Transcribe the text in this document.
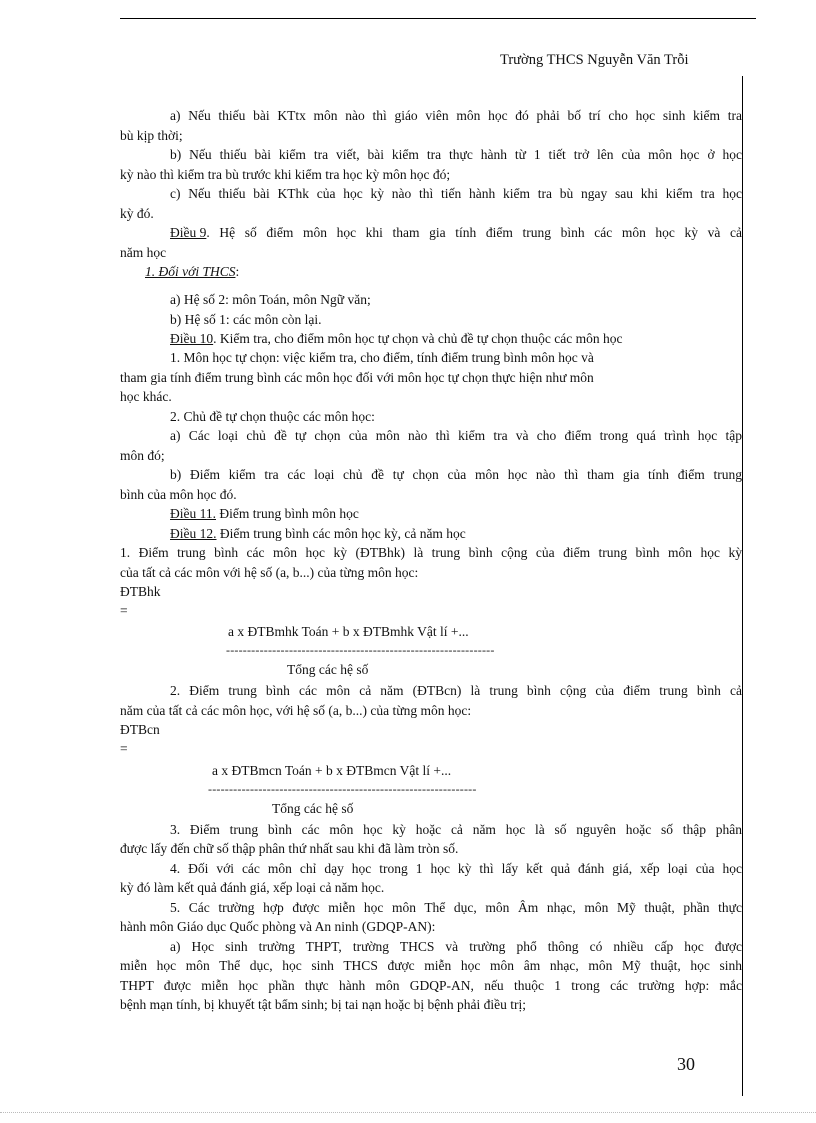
Trường THCS Nguyễn Văn Trỗi
a) Nếu thiếu bài KTtx môn nào thì giáo viên môn học đó phải bố trí cho học sinh kiểm tra
bù kịp thời;
b) Nếu thiếu bài kiểm tra viết, bài kiểm tra thực hành từ 1 tiết trở lên của môn học ở học
kỳ nào thì kiểm tra bù trước khi kiểm tra học kỳ môn học đó;
c) Nếu thiếu bài KThk của học kỳ nào thì tiến hành kiểm tra bù ngay sau khi kiểm tra học
kỳ đó.
Điều 9 . Hệ số điểm môn học khi tham gia tính điểm trung bình các môn học kỳ và cả
năm học
1. Đối với THCS:
a) Hệ số 2: môn Toán, môn Ngữ văn;
b) Hệ số 1: các môn còn lại.
Điều 10. Kiểm tra, cho điểm môn học tự chọn và chủ đề tự chọn thuộc các môn học
1. Môn học tự chọn: việc kiểm tra, cho điểm, tính điểm trung bình môn học và
tham gia tính điểm trung bình các môn học đối với môn học tự chọn thực hiện như môn
học khác.
2. Chủ đề tự chọn thuộc các môn học:
a) Các loại chủ đề tự chọn của môn nào thì kiểm tra và cho điểm trong quá trình học tập
môn đó;
b) Điểm kiểm tra các loại chủ đề tự chọn của môn học nào thì tham gia tính điểm trung
bình của môn học đó.
Điều 11. Điểm trung bình môn học
Điều 12. Điểm trung bình các môn học kỳ, cả năm học
1. Điểm trung bình các môn học kỳ (ĐTBhk) là trung bình cộng của điểm trung bình môn học kỳ
của tất cả các môn với hệ số (a, b...) của từng môn học:
ĐTBhk
=
a x ĐTBmhk Toán + b x ĐTBmhk Vật lí +...
----------------------------------------------------------------
Tổng các hệ số
2. Điểm trung bình các môn cả năm (ĐTBcn) là trung bình cộng của điểm trung bình cả
năm của tất cả các môn học, với hệ số (a, b...) của từng môn học:
ĐTBcn
=
a x ĐTBmcn Toán + b x ĐTBmcn Vật lí +...
----------------------------------------------------------------
Tổng các hệ số
3. Điểm trung bình các môn học kỳ hoặc cả năm học là số nguyên hoặc số thập phân
được lấy đến chữ số thập phân thứ nhất sau khi đã làm tròn số.
4. Đối với các môn chỉ dạy học trong 1 học kỳ thì lấy kết quả đánh giá, xếp loại của học
kỳ đó làm kết quả đánh giá, xếp loại cả năm học.
5. Các trường hợp được miễn học môn Thể dục, môn Âm nhạc, môn Mỹ thuật, phần thực
hành môn Giáo dục Quốc phòng và An ninh (GDQP-AN):
a) Học sinh trường THPT, trường THCS và trường phổ thông có nhiều cấp học được
miễn học môn Thể dục, học sinh THCS được miễn học môn âm nhạc, môn Mỹ thuật, học sinh
THPT được miễn học phần thực hành môn GDQP-AN, nếu thuộc 1 trong các trường hợp: mắc
bệnh mạn tính, bị khuyết tật bẩm sinh; bị tai nạn hoặc bị bệnh phải điều trị;
30
